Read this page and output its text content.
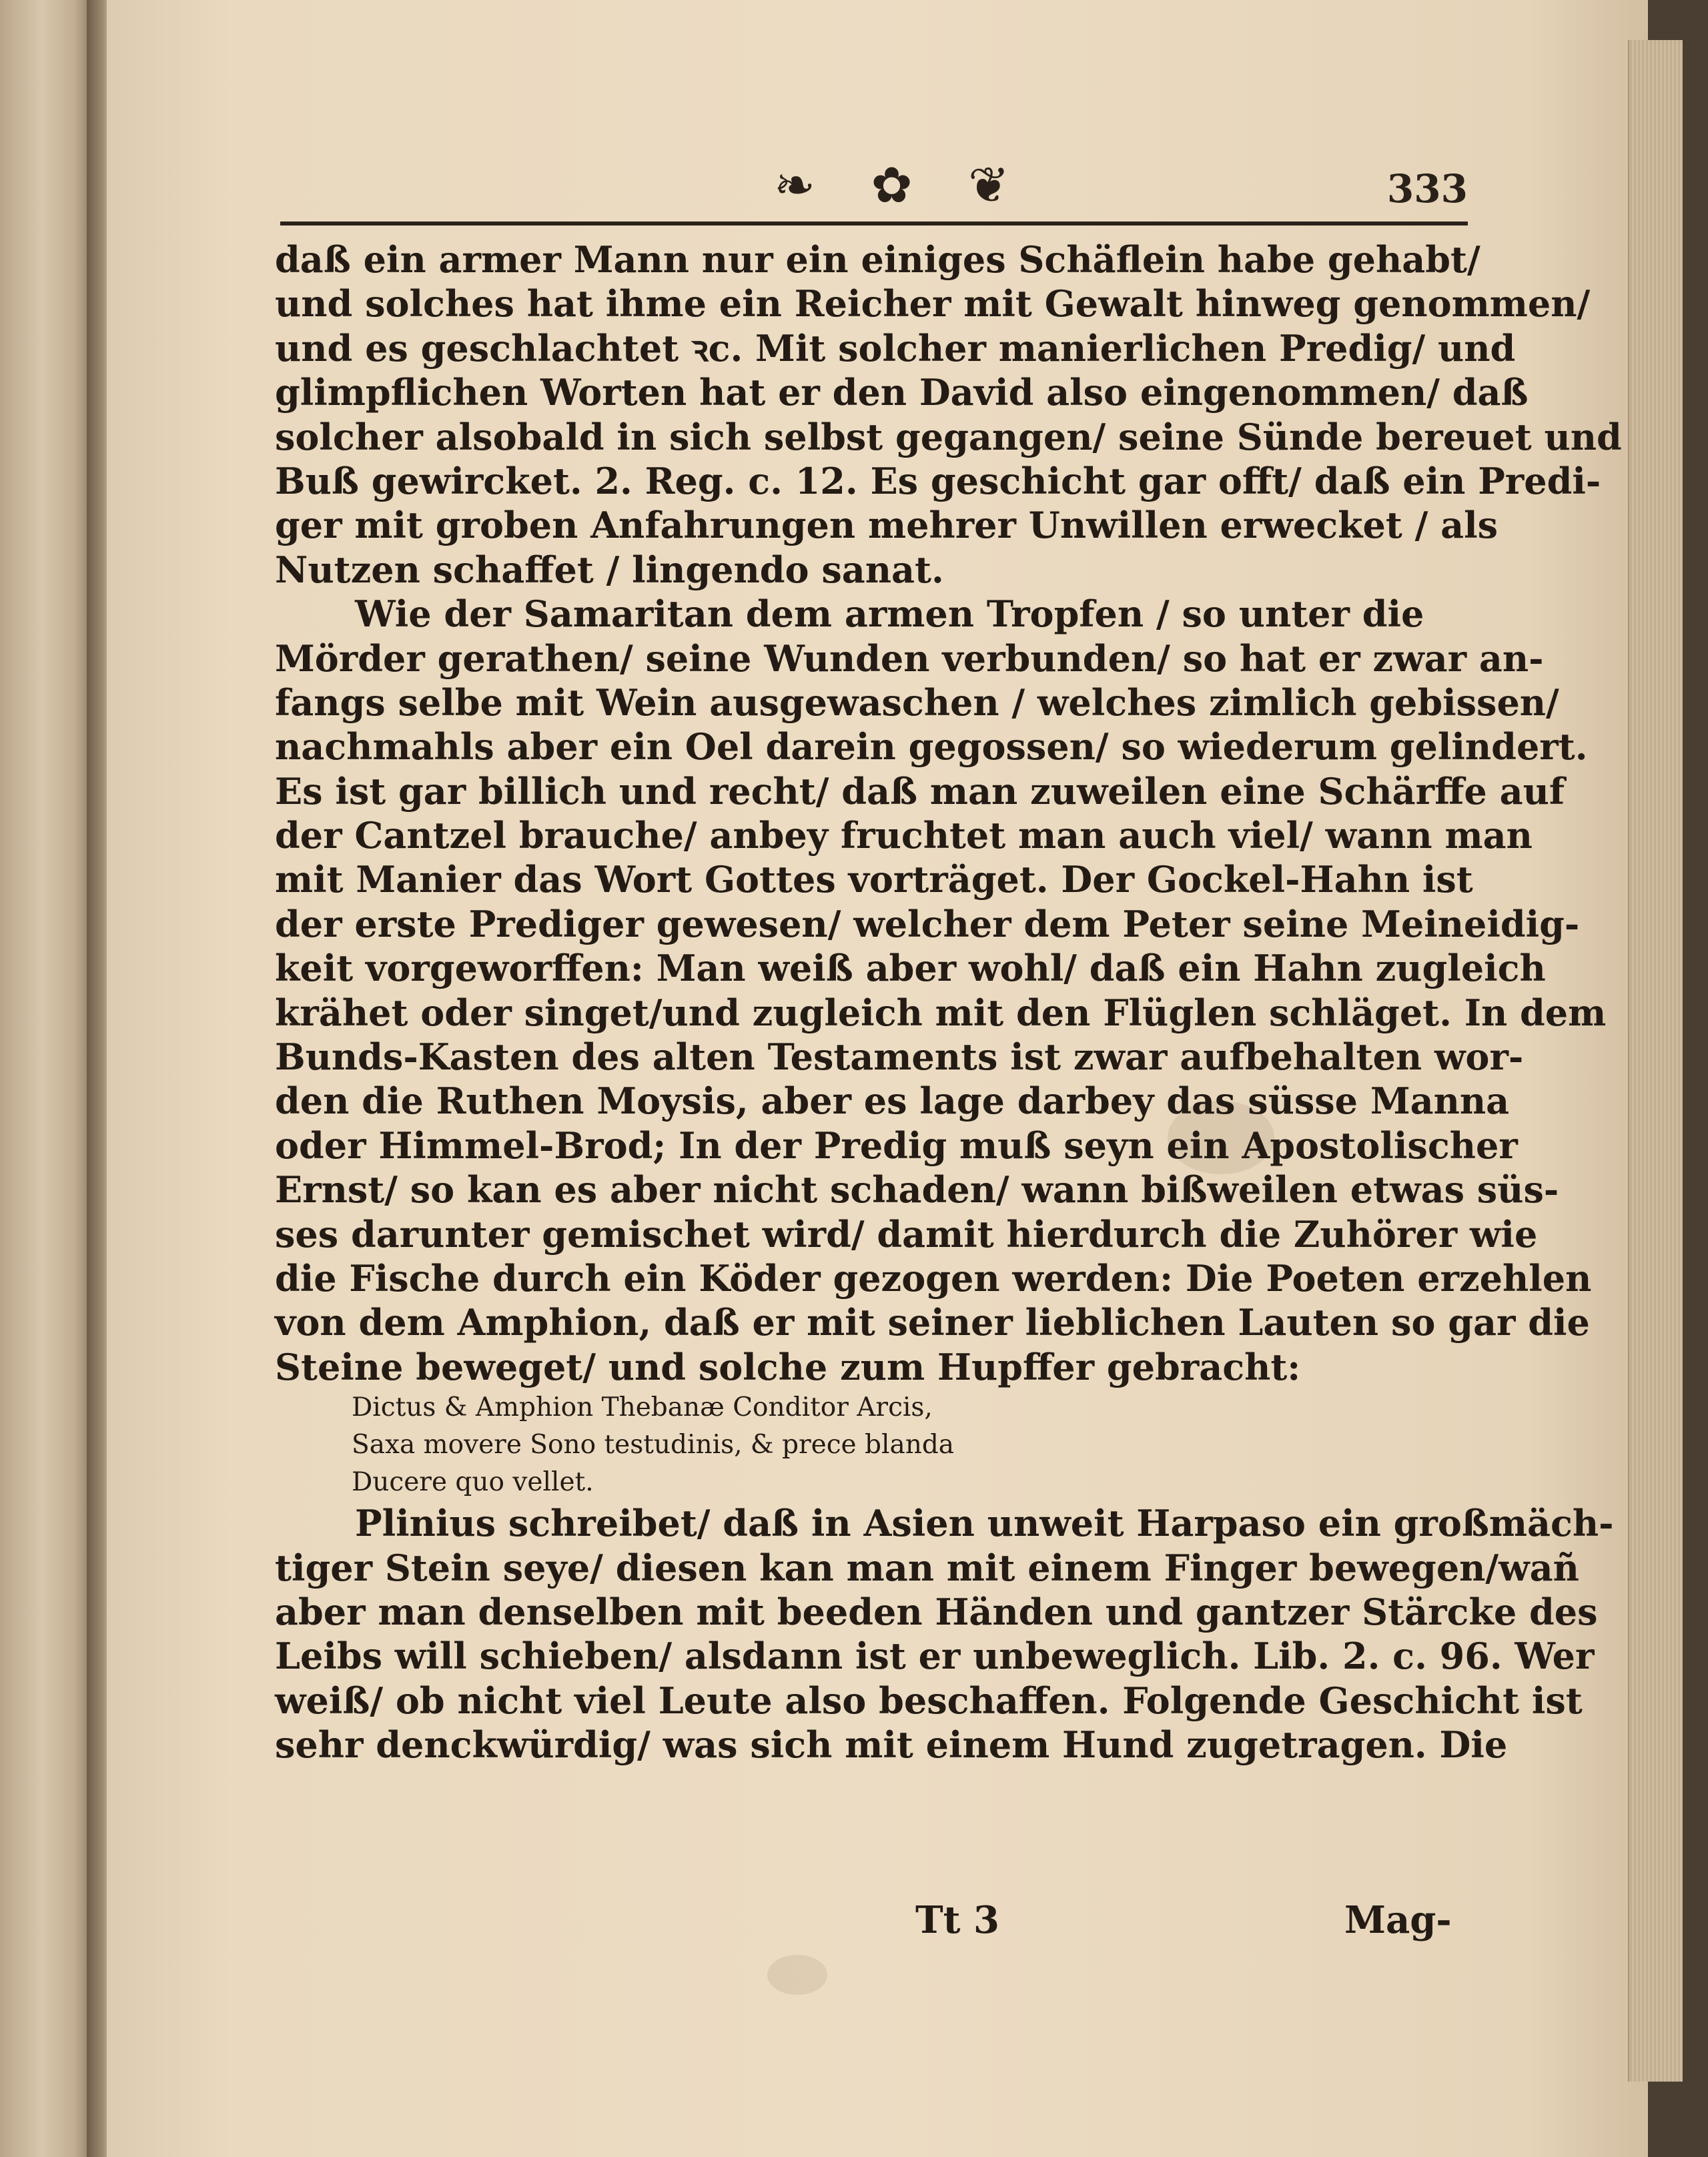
❧ ✿ ❦	333
daß ein armer Mann nur ein einiges Schäflein habe gehabt/
und solches hat ihme ein Reicher mit Gewalt hinweg genommen/
und es geschlachtet ꝛc. Mit solcher manierlichen Predig/ und
glimpflichen Worten hat er den David also eingenommen/ daß
solcher alsobald in sich selbst gegangen/ seine Sünde bereuet und
Buß gewircket. 2. Reg. c. 12. Es geschicht gar offt/ daß ein Predi-
ger mit groben Anfahrungen mehrer Unwillen erwecket / als
Nutzen schaffet / lingendo sanat.
Wie der Samaritan dem armen Tropfen / so unter die
Mörder gerathen/ seine Wunden verbunden/ so hat er zwar an-
fangs selbe mit Wein ausgewaschen / welches zimlich gebissen/
nachmahls aber ein Oel darein gegossen/ so wiederum gelindert.
Es ist gar billich und recht/ daß man zuweilen eine Schärffe auf
der Cantzel brauche/ anbey fruchtet man auch viel/ wann man
mit Manier das Wort Gottes vorträget. Der Gockel-Hahn ist
der erste Prediger gewesen/ welcher dem Peter seine Meineidig-
keit vorgeworffen: Man weiß aber wohl/ daß ein Hahn zugleich
krähet oder singet/und zugleich mit den Flüglen schläget. In dem
Bunds-Kasten des alten Testaments ist zwar aufbehalten wor-
den die Ruthen Moysis, aber es lage darbey das süsse Manna
oder Himmel-Brod; In der Predig muß seyn ein Apostolischer
Ernst/ so kan es aber nicht schaden/ wann bißweilen etwas süs-
ses darunter gemischet wird/ damit hierdurch die Zuhörer wie
die Fische durch ein Köder gezogen werden: Die Poeten erzehlen
von dem Amphion, daß er mit seiner lieblichen Lauten so gar die
Steine beweget/ und solche zum Hupffer gebracht:
Dictus & Amphion Thebanæ Conditor Arcis,
Saxa movere Sono testudinis, & prece blanda
Ducere quo vellet.
Plinius schreibet/ daß in Asien unweit Harpaso ein großmäch-
tiger Stein seye/ diesen kan man mit einem Finger bewegen/wañ
aber man denselben mit beeden Händen und gantzer Stärcke des
Leibs will schieben/ alsdann ist er unbeweglich. Lib. 2. c. 96. Wer
weiß/ ob nicht viel Leute also beschaffen. Folgende Geschicht ist
sehr denckwürdig/ was sich mit einem Hund zugetragen. Die
Tt 3	Mag-
